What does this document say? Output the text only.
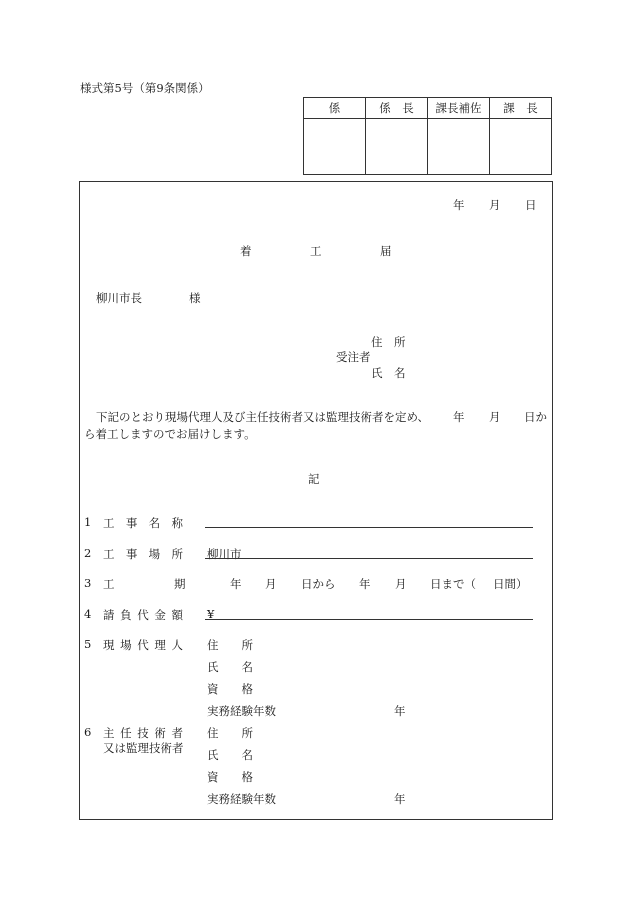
様式第5号（第9条関係）
係	係　長	課長補佐	課　長

年 月 日
着	工	届
柳川市長	様
住　所
受注者
氏　名
下記のとおり現場代理人及び主任技術者又は監理技術者を定め、 年 月 日か
ら着工しますのでお届けします。
記
1 工事名称
2 工事場所 柳川市
3 工	期	年 月 日から 年 月 日まで（ 日間）
4 請負代金額 ¥
5 現場代理人 住　　所
氏　　名
資　　格
実務経験年数	年
6 主任技術者
又は監理技術者
住　　所
氏　　名
資　　格
実務経験年数	年
